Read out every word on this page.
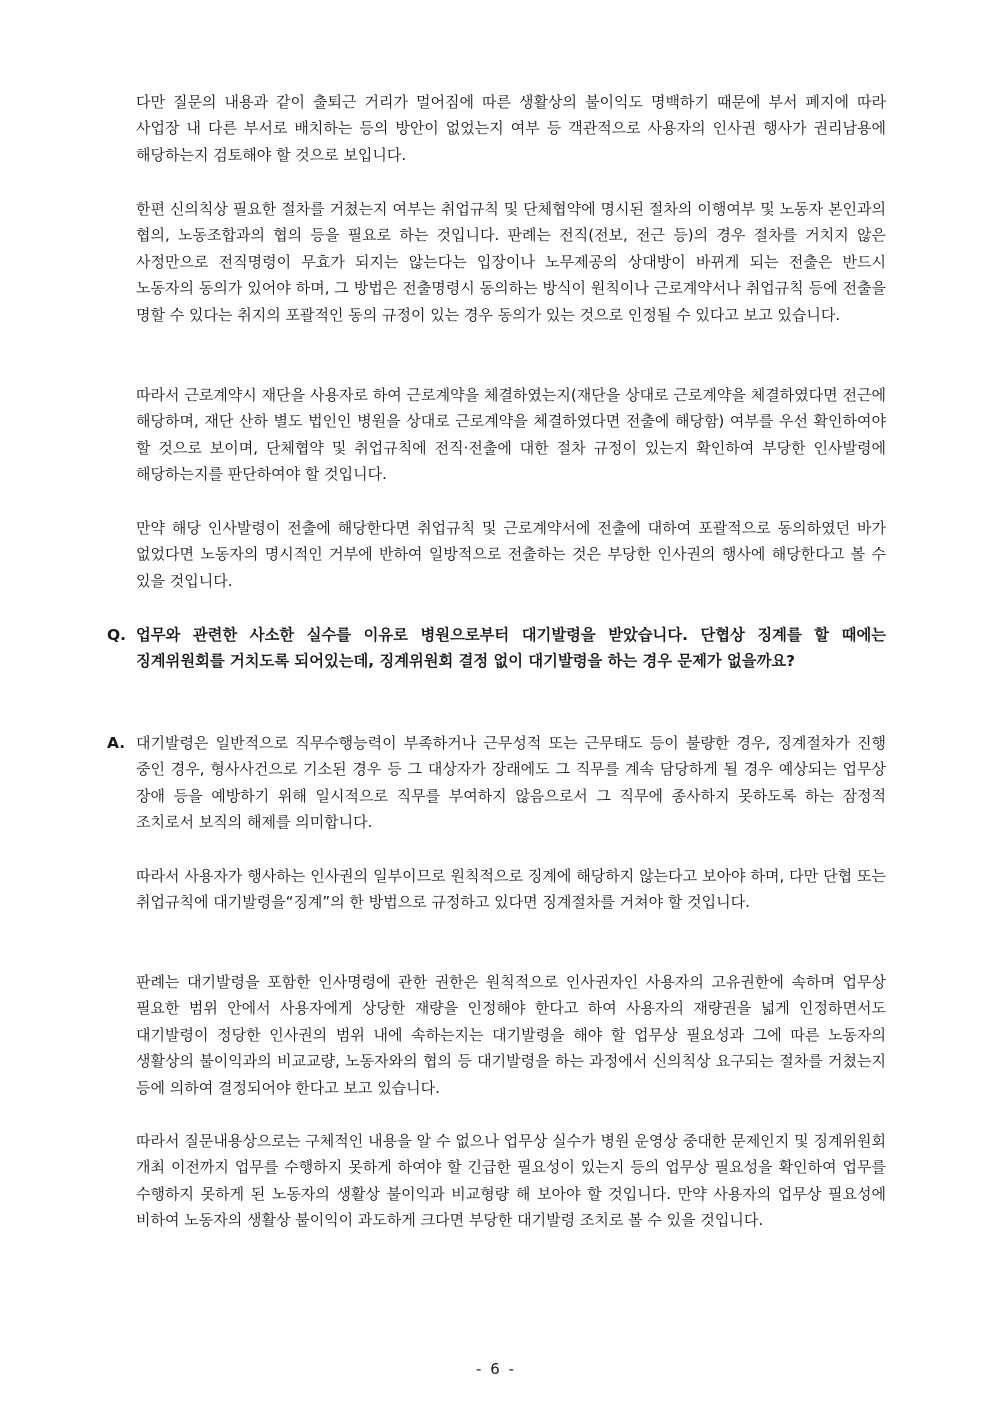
다만 질문의 내용과 같이 출퇴근 거리가 멀어짐에 따른 생활상의 불이익도 명백하기 때문에 부서 폐지에 따라 사업장 내 다른 부서로 배치하는 등의 방안이 없었는지 여부 등 객관적으로 사용자의 인사권 행사가 권리남용에 해당하는지 검토해야 할 것으로 보입니다.

한편 신의칙상 필요한 절차를 거쳤는지 여부는 취업규칙 및 단체협약에 명시된 절차의 이행여부 및 노동자 본인과의 협의, 노동조합과의 협의 등을 필요로 하는 것입니다. 판례는 전직(전보, 전근 등)의 경우 절차를 거치지 않은 사정만으로 전직명령이 무효가 되지는 않는다는 입장이나 노무제공의 상대방이 바뀌게 되는 전출은 반드시 노동자의 동의가 있어야 하며, 그 방법은 전출명령시 동의하는 방식이 원칙이나 근로계약서나 취업규칙 등에 전출을 명할 수 있다는 취지의 포괄적인 동의 규정이 있는 경우 동의가 있는 것으로 인정될 수 있다고 보고 있습니다.

따라서 근로계약시 재단을 사용자로 하여 근로계약을 체결하였는지(재단을 상대로 근로계약을 체결하였다면 전근에 해당하며, 재단 산하 별도 법인인 병원을 상대로 근로계약을 체결하였다면 전출에 해당함) 여부를 우선 확인하여야 할 것으로 보이며, 단체협약 및 취업규칙에 전직·전출에 대한 절차 규정이 있는지 확인하여 부당한 인사발령에 해당하는지를 판단하여야 할 것입니다.

만약 해당 인사발령이 전출에 해당한다면 취업규칙 및 근로계약서에 전출에 대하여 포괄적으로 동의하였던 바가 없었다면 노동자의 명시적인 거부에 반하여 일방적으로 전출하는 것은 부당한 인사권의 행사에 해당한다고 볼 수 있을 것입니다.

Q. 업무와 관련한 사소한 실수를 이유로 병원으로부터 대기발령을 받았습니다. 단협상 징계를 할 때에는 징계위원회를 거치도록 되어있는데, 징계위원회 결정 없이 대기발령을 하는 경우 문제가 없을까요?
A. 대기발령은 일반적으로 직무수행능력이 부족하거나 근무성적 또는 근무태도 등이 불량한 경우, 징계절차가 진행 중인 경우, 형사사건으로 기소된 경우 등 그 대상자가 장래에도 그 직무를 계속 담당하게 될 경우 예상되는 업무상 장애 등을 예방하기 위해 일시적으로 직무를 부여하지 않음으로서 그 직무에 종사하지 못하도록 하는 잠정적 조치로서 보직의 해제를 의미합니다.

따라서 사용자가 행사하는 인사권의 일부이므로 원칙적으로 징계에 해당하지 않는다고 보아야 하며, 다만 단협 또는 취업규칙에 대기발령을“징계”의 한 방법으로 규정하고 있다면 징계절차를 거쳐야 할 것입니다.

판례는 대기발령을 포함한 인사명령에 관한 권한은 원칙적으로 인사권자인 사용자의 고유권한에 속하며 업무상 필요한 범위 안에서 사용자에게 상당한 재량을 인정해야 한다고 하여 사용자의 재량권을 넓게 인정하면서도 대기발령이 정당한 인사권의 범위 내에 속하는지는 대기발령을 해야 할 업무상 필요성과 그에 따른 노동자의 생활상의 불이익과의 비교교량, 노동자와의 협의 등 대기발령을 하는 과정에서 신의칙상 요구되는 절차를 거쳤는지 등에 의하여 결정되어야 한다고 보고 있습니다.

따라서 질문내용상으로는 구체적인 내용을 알 수 없으나 업무상 실수가 병원 운영상 중대한 문제인지 및 징계위원회 개최 이전까지 업무를 수행하지 못하게 하여야 할 긴급한 필요성이 있는지 등의 업무상 필요성을 확인하여 업무를 수행하지 못하게 된 노동자의 생활상 불이익과 비교형량 해 보아야 할 것입니다. 만약 사용자의 업무상 필요성에 비하여 노동자의 생활상 불이익이 과도하게 크다면 부당한 대기발령 조치로 볼 수 있을 것입니다.

- 6 -
